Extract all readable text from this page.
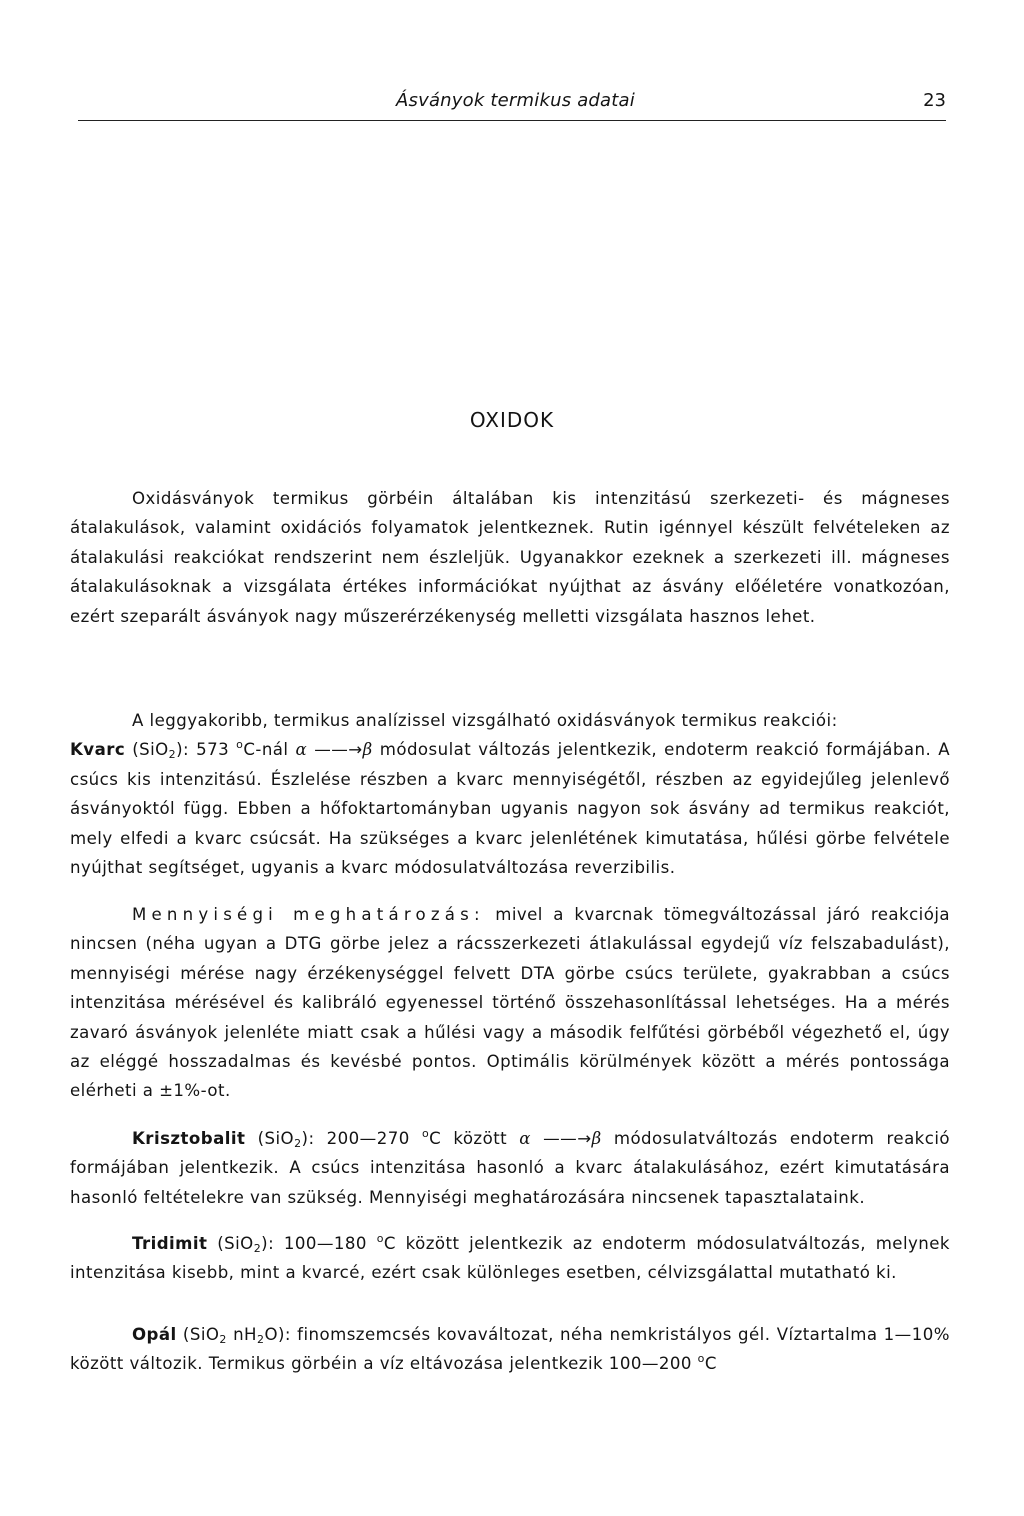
Ásványok termikus adatai	23
OXIDOK

Oxidásványok termikus görbéin általában kis intenzitású szerkezeti- és mágneses átalakulások, valamint oxidációs folyamatok jelentkeznek. Rutin igénnyel készült felvételeken az átalakulási reakciókat rendszerint nem észleljük. Ugyanakkor ezeknek a szerkezeti ill. mágneses átalakulásoknak a vizsgálata értékes információkat nyújthat az ásvány előéletére vonatkozóan, ezért szeparált ásványok nagy műszerérzékenység melletti vizsgálata hasznos lehet.

A leggyakoribb, termikus analízissel vizsgálható oxidásványok termikus reakciói:
Kvarc (SiO$_2$): 573 $^o$C-nál α ——→β módosulat változás jelentkezik, endoterm reakció formájában. A csúcs kis intenzitású. Észlelése részben a kvarc mennyiségétől, részben az egyidejűleg jelenlevő ásványoktól függ. Ebben a hőfoktartományban ugyanis nagyon sok ásvány ad termikus reakciót, mely elfedi a kvarc csúcsát. Ha szükséges a kvarc jelenlétének kimutatása, hűlési görbe felvétele nyújthat segítséget, ugyanis a kvarc módosulatváltozása reverzibilis.

Mennyiségi meghatározás: mivel a kvarcnak tömegváltozással járó reakciója nincsen (néha ugyan a DTG görbe jelez a rácsszerkezeti átlakulással egydejű víz felszabadulást), mennyiségi mérése nagy érzékenységgel felvett DTA görbe csúcs területe, gyakrabban a csúcs intenzitása mérésével és kalibráló egyenessel történő összehasonlítással lehetséges. Ha a mérés zavaró ásványok jelenléte miatt csak a hűlési vagy a második felfűtési görbéből végezhető el, úgy az eléggé hosszadalmas és kevésbé pontos. Optimális körülmények között a mérés pontossága elérheti a ±1%-ot.

Krisztobalit (SiO$_2$): 200—270 $^o$C között α ——→β módosulatváltozás endoterm reakció formájában jelentkezik. A csúcs intenzitása hasonló a kvarc átalakulásához, ezért kimutatására hasonló feltételekre van szükség. Mennyiségi meghatározására nincsenek tapasztalataink.

Tridimit (SiO$_2$): 100—180 $^o$C között jelentkezik az endoterm módosulatváltozás, melynek intenzitása kisebb, mint a kvarcé, ezért csak különleges esetben, célvizsgálattal mutatható ki.

Opál (SiO$_2$ $nH_2O$): finomszemcsés kovaváltozat, néha nemkristályos gél. Víztartalma 1—10% között változik. Termikus görbéin a víz eltávozása jelentkezik 100—200 $^o$C
